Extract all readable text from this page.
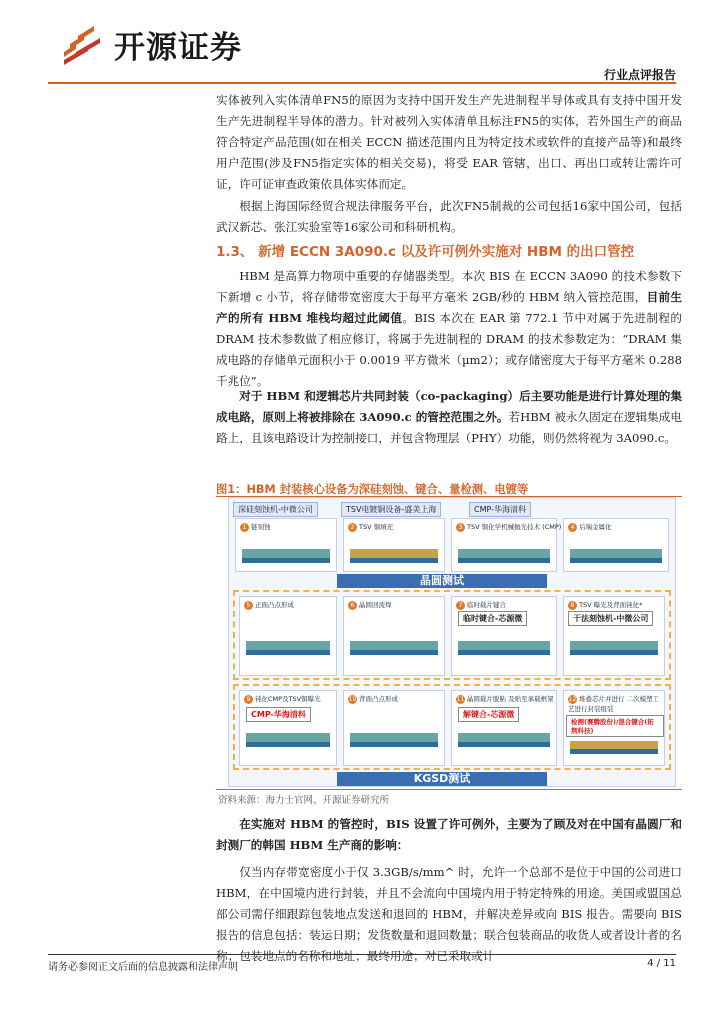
开源证券
行业点评报告
实体被列入实体清单FN5的原因为支持中国开发生产先进制程半导体或具有支持中国开发生产先进制程半导体的潜力。针对被列入实体清单且标注FN5的实体，若外国生产的商品符合特定产品范围(如在相关 ECCN 描述范围内且为特定技术或软件的直接产品等)和最终用户范围(涉及FN5指定实体的相关交易)，将受 EAR 管辖，出口、再出口或转让需许可证，许可证审查政策依具体实体而定。
根据上海国际经贸合规法律服务平台，此次FN5制裁的公司包括16家中国公司，包括武汉新芯、张江实验室等16家公司和科研机构。
1.3、 新增 ECCN 3A090.c 以及许可例外实施对 HBM 的出口管控
HBM 是高算力物项中重要的存储器类型。本次 BIS 在 ECCN 3A090 的技术参数下下新增 c 小节，将存储带宽密度大于每平方毫米 2GB/秒的 HBM 纳入管控范围，目前生产的所有 HBM 堆栈均超过此阈值。BIS 本次在 EAR 第 772.1 节中对属于先进制程的 DRAM 技术参数做了相应修订，将属于先进制程的 DRAM 的技术参数定为：“DRAM 集成电路的存储单元面积小于 0.0019 平方微米（µm2）；或存储密度大于每平方毫米 0.288 千兆位”。
对于 HBM 和逻辑芯片共同封装（co-packaging）后主要功能是进行计算处理的集成电路，原则上将被排除在 3A090.c 的管控范围之外。若HBM 被永久固定在逻辑集成电路上，且该电路设计为控制接口，并包含物理层（PHY）功能，则仍然将视为 3A090.c。
图1：HBM 封装核心设备为深硅刻蚀、键合、量检测、电镀等
深硅刻蚀机-中微公司	TSV电镀铜设备-盛美上海	CMP-华海清科
1 链刻蚀	2 TSV 铜填充	3 TSV 铜化学机械抛光技术 (CMP)	4 后端金属化
晶圆测试
5 正面凸点形成	6 晶圆回流焊	7 临时载片键合
临时键合-芯源微
8 TSV 曝光及背面钝化*
干法刻蚀机-中微公司
9 钝化CMP及TSV铜曝光
CMP-华海清科
10 背面凸点形成	11 晶圆载片脱粘 及贴至承载框架
解键合-芯源微
12 堆叠芯片并进行 二次模塑工艺进行封装组装
检测(赛腾股份)/混合键合(拓荆科技)
KGSD测试
资料来源：海力士官网、开源证券研究所
在实施对 HBM 的管控时，BIS 设置了许可例外，主要为了顾及对在中国有晶圆厂和封测厂的韩国 HBM 生产商的影响：
仅当内存带宽密度小于仅 3.3GB/s/mm^ 时，允许一个总部不是位于中国的公司进口 HBM，在中国境内进行封装，并且不会流向中国境内用于特定特殊的用途。美国或盟国总部公司需仔细跟踪包装地点发送和退回的 HBM，并解决差异或向 BIS 报告。需要向 BIS 报告的信息包括：装运日期；发货数量和退回数量；联合包装商品的收货人或者设计者的名称；包装地点的名称和地址；最终用途；对已采取或计
请务必参阅正文后面的信息披露和法律声明	4 / 11
